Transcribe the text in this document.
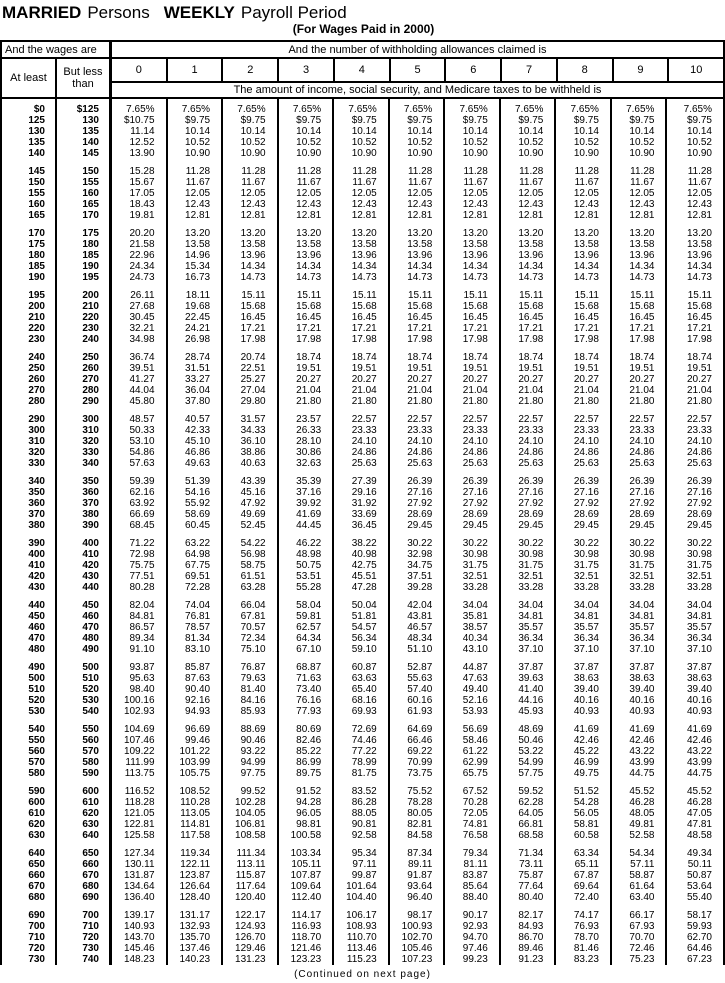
MARRIED Persons WEEKLY Payroll Period
(For Wages Paid in 2000)
And the wages are	And the number of withholding allowances claimed is
At least	But less than
0	1	2	3	4	5	6	7	8	9	10
The amount of income, social security, and Medicare taxes to be withheld is
$0	$125	7.65%	7.65%	7.65%	7.65%	7.65%	7.65%	7.65%	7.65%	7.65%	7.65%	7.65%
125	130	$10.75	$9.75	$9.75	$9.75	$9.75	$9.75	$9.75	$9.75	$9.75	$9.75	$9.75
130	135	11.14	10.14	10.14	10.14	10.14	10.14	10.14	10.14	10.14	10.14	10.14
135	140	12.52	10.52	10.52	10.52	10.52	10.52	10.52	10.52	10.52	10.52	10.52
140	145	13.90	10.90	10.90	10.90	10.90	10.90	10.90	10.90	10.90	10.90	10.90
145	150	15.28	11.28	11.28	11.28	11.28	11.28	11.28	11.28	11.28	11.28	11.28
150	155	15.67	11.67	11.67	11.67	11.67	11.67	11.67	11.67	11.67	11.67	11.67
155	160	17.05	12.05	12.05	12.05	12.05	12.05	12.05	12.05	12.05	12.05	12.05
160	165	18.43	12.43	12.43	12.43	12.43	12.43	12.43	12.43	12.43	12.43	12.43
165	170	19.81	12.81	12.81	12.81	12.81	12.81	12.81	12.81	12.81	12.81	12.81
170	175	20.20	13.20	13.20	13.20	13.20	13.20	13.20	13.20	13.20	13.20	13.20
175	180	21.58	13.58	13.58	13.58	13.58	13.58	13.58	13.58	13.58	13.58	13.58
180	185	22.96	14.96	13.96	13.96	13.96	13.96	13.96	13.96	13.96	13.96	13.96
185	190	24.34	15.34	14.34	14.34	14.34	14.34	14.34	14.34	14.34	14.34	14.34
190	195	24.73	16.73	14.73	14.73	14.73	14.73	14.73	14.73	14.73	14.73	14.73
195	200	26.11	18.11	15.11	15.11	15.11	15.11	15.11	15.11	15.11	15.11	15.11
200	210	27.68	19.68	15.68	15.68	15.68	15.68	15.68	15.68	15.68	15.68	15.68
210	220	30.45	22.45	16.45	16.45	16.45	16.45	16.45	16.45	16.45	16.45	16.45
220	230	32.21	24.21	17.21	17.21	17.21	17.21	17.21	17.21	17.21	17.21	17.21
230	240	34.98	26.98	17.98	17.98	17.98	17.98	17.98	17.98	17.98	17.98	17.98
240	250	36.74	28.74	20.74	18.74	18.74	18.74	18.74	18.74	18.74	18.74	18.74
250	260	39.51	31.51	22.51	19.51	19.51	19.51	19.51	19.51	19.51	19.51	19.51
260	270	41.27	33.27	25.27	20.27	20.27	20.27	20.27	20.27	20.27	20.27	20.27
270	280	44.04	36.04	27.04	21.04	21.04	21.04	21.04	21.04	21.04	21.04	21.04
280	290	45.80	37.80	29.80	21.80	21.80	21.80	21.80	21.80	21.80	21.80	21.80
290	300	48.57	40.57	31.57	23.57	22.57	22.57	22.57	22.57	22.57	22.57	22.57
300	310	50.33	42.33	34.33	26.33	23.33	23.33	23.33	23.33	23.33	23.33	23.33
310	320	53.10	45.10	36.10	28.10	24.10	24.10	24.10	24.10	24.10	24.10	24.10
320	330	54.86	46.86	38.86	30.86	24.86	24.86	24.86	24.86	24.86	24.86	24.86
330	340	57.63	49.63	40.63	32.63	25.63	25.63	25.63	25.63	25.63	25.63	25.63
340	350	59.39	51.39	43.39	35.39	27.39	26.39	26.39	26.39	26.39	26.39	26.39
350	360	62.16	54.16	45.16	37.16	29.16	27.16	27.16	27.16	27.16	27.16	27.16
360	370	63.92	55.92	47.92	39.92	31.92	27.92	27.92	27.92	27.92	27.92	27.92
370	380	66.69	58.69	49.69	41.69	33.69	28.69	28.69	28.69	28.69	28.69	28.69
380	390	68.45	60.45	52.45	44.45	36.45	29.45	29.45	29.45	29.45	29.45	29.45
390	400	71.22	63.22	54.22	46.22	38.22	30.22	30.22	30.22	30.22	30.22	30.22
400	410	72.98	64.98	56.98	48.98	40.98	32.98	30.98	30.98	30.98	30.98	30.98
410	420	75.75	67.75	58.75	50.75	42.75	34.75	31.75	31.75	31.75	31.75	31.75
420	430	77.51	69.51	61.51	53.51	45.51	37.51	32.51	32.51	32.51	32.51	32.51
430	440	80.28	72.28	63.28	55.28	47.28	39.28	33.28	33.28	33.28	33.28	33.28
440	450	82.04	74.04	66.04	58.04	50.04	42.04	34.04	34.04	34.04	34.04	34.04
450	460	84.81	76.81	67.81	59.81	51.81	43.81	35.81	34.81	34.81	34.81	34.81
460	470	86.57	78.57	70.57	62.57	54.57	46.57	38.57	35.57	35.57	35.57	35.57
470	480	89.34	81.34	72.34	64.34	56.34	48.34	40.34	36.34	36.34	36.34	36.34
480	490	91.10	83.10	75.10	67.10	59.10	51.10	43.10	37.10	37.10	37.10	37.10
490	500	93.87	85.87	76.87	68.87	60.87	52.87	44.87	37.87	37.87	37.87	37.87
500	510	95.63	87.63	79.63	71.63	63.63	55.63	47.63	39.63	38.63	38.63	38.63
510	520	98.40	90.40	81.40	73.40	65.40	57.40	49.40	41.40	39.40	39.40	39.40
520	530	100.16	92.16	84.16	76.16	68.16	60.16	52.16	44.16	40.16	40.16	40.16
530	540	102.93	94.93	85.93	77.93	69.93	61.93	53.93	45.93	40.93	40.93	40.93
540	550	104.69	96.69	88.69	80.69	72.69	64.69	56.69	48.69	41.69	41.69	41.69
550	560	107.46	99.46	90.46	82.46	74.46	66.46	58.46	50.46	42.46	42.46	42.46
560	570	109.22	101.22	93.22	85.22	77.22	69.22	61.22	53.22	45.22	43.22	43.22
570	580	111.99	103.99	94.99	86.99	78.99	70.99	62.99	54.99	46.99	43.99	43.99
580	590	113.75	105.75	97.75	89.75	81.75	73.75	65.75	57.75	49.75	44.75	44.75
590	600	116.52	108.52	99.52	91.52	83.52	75.52	67.52	59.52	51.52	45.52	45.52
600	610	118.28	110.28	102.28	94.28	86.28	78.28	70.28	62.28	54.28	46.28	46.28
610	620	121.05	113.05	104.05	96.05	88.05	80.05	72.05	64.05	56.05	48.05	47.05
620	630	122.81	114.81	106.81	98.81	90.81	82.81	74.81	66.81	58.81	49.81	47.81
630	640	125.58	117.58	108.58	100.58	92.58	84.58	76.58	68.58	60.58	52.58	48.58
640	650	127.34	119.34	111.34	103.34	95.34	87.34	79.34	71.34	63.34	54.34	49.34
650	660	130.11	122.11	113.11	105.11	97.11	89.11	81.11	73.11	65.11	57.11	50.11
660	670	131.87	123.87	115.87	107.87	99.87	91.87	83.87	75.87	67.87	58.87	50.87
670	680	134.64	126.64	117.64	109.64	101.64	93.64	85.64	77.64	69.64	61.64	53.64
680	690	136.40	128.40	120.40	112.40	104.40	96.40	88.40	80.40	72.40	63.40	55.40
690	700	139.17	131.17	122.17	114.17	106.17	98.17	90.17	82.17	74.17	66.17	58.17
700	710	140.93	132.93	124.93	116.93	108.93	100.93	92.93	84.93	76.93	67.93	59.93
710	720	143.70	135.70	126.70	118.70	110.70	102.70	94.70	86.70	78.70	70.70	62.70
720	730	145.46	137.46	129.46	121.46	113.46	105.46	97.46	89.46	81.46	72.46	64.46
730	740	148.23	140.23	131.23	123.23	115.23	107.23	99.23	91.23	83.23	75.23	67.23
(Continued on next page)
